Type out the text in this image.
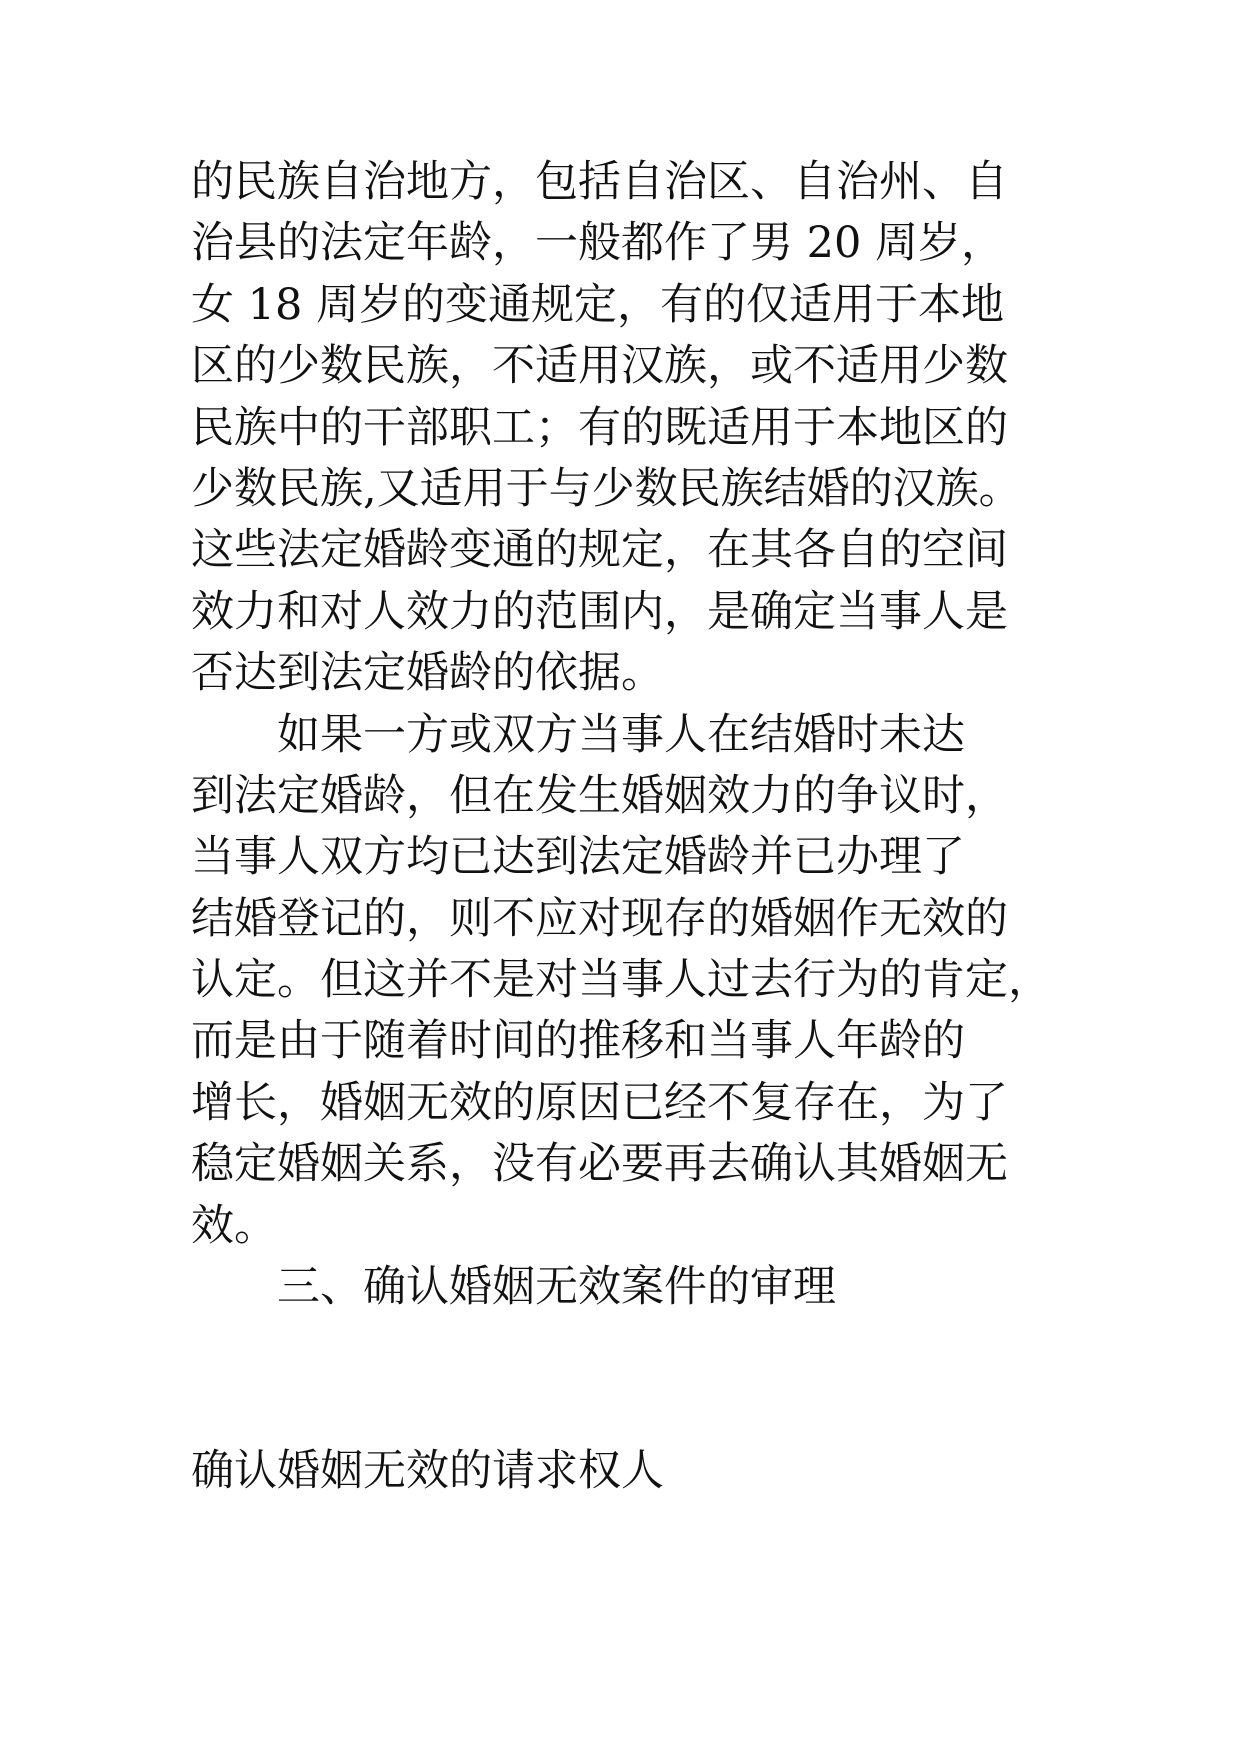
的民族自治地方，包括自治区、自治州、自
治县的法定年龄，一般都作了男 20 周岁，
女 18 周岁的变通规定，有的仅适用于本地
区的少数民族，不适用汉族，或不适用少数
民族中的干部职工；有的既适用于本地区的
少数民族,又适用于与少数民族结婚的汉族。
这些法定婚龄变通的规定，在其各自的空间
效力和对人效力的范围内，是确定当事人是
否达到法定婚龄的依据。
如果一方或双方当事人在结婚时未达
到法定婚龄，但在发生婚姻效力的争议时，
当事人双方均已达到法定婚龄并已办理了
结婚登记的，则不应对现存的婚姻作无效的
认定。但这并不是对当事人过去行为的肯定，
而是由于随着时间的推移和当事人年龄的
增长，婚姻无效的原因已经不复存在，为了
稳定婚姻关系，没有必要再去确认其婚姻无
效。
三、确认婚姻无效案件的审理
确认婚姻无效的请求权人
